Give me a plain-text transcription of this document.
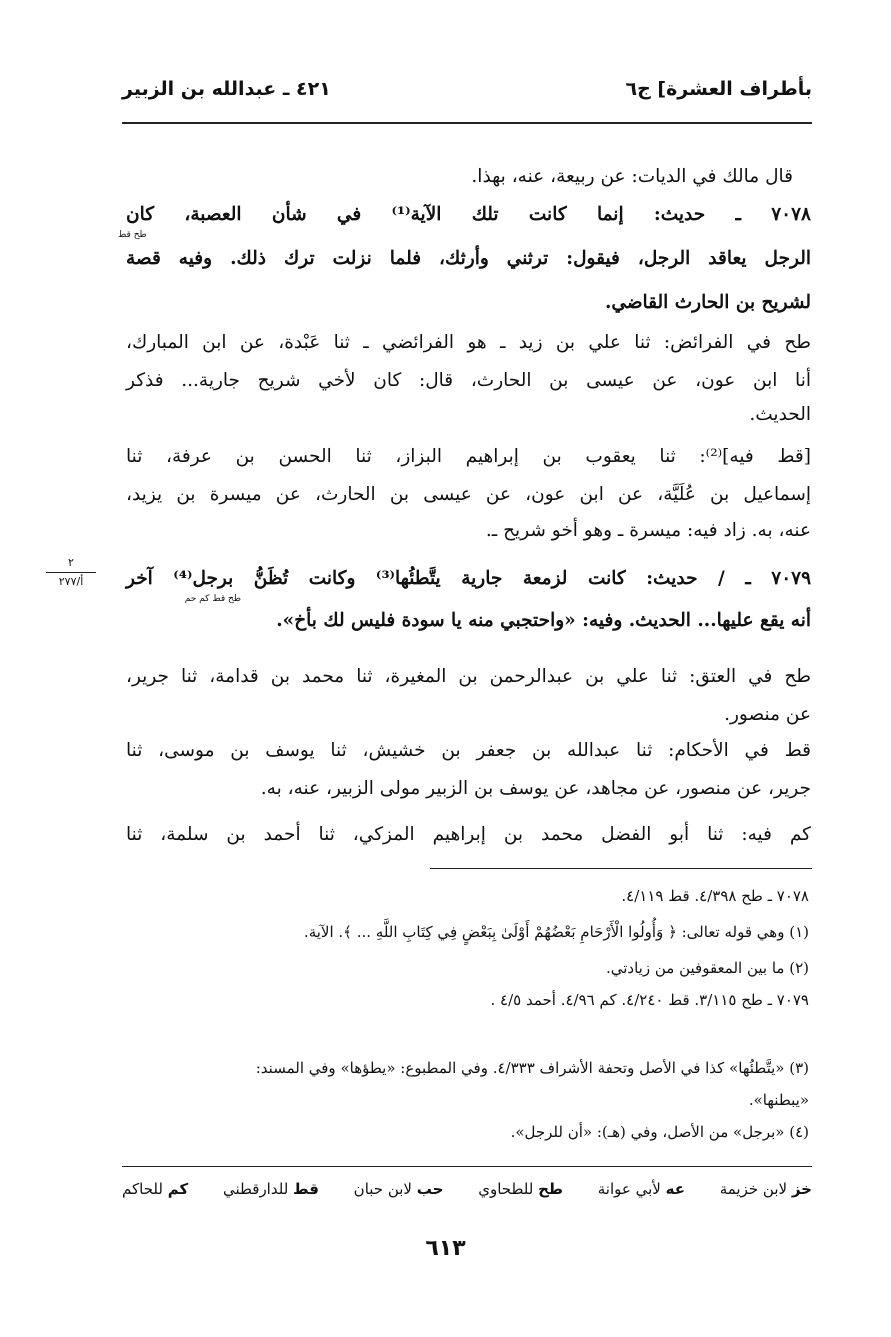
بأطراف العشرة] ج٦
٤٢١ ـ عبدالله بن الزبير
قال مالك في الديات: عن ربيعة، عنه، بهذا.
٧٠٧٨ ـ حديث: إنما كانت تلك الآية⁽¹⁾ في شأن العصبة، كان
طح قط
الرجل يعاقد الرجل، فيقول: ترثني وأرثك، فلما نزلت ترك ذلك. وفيه قصة
لشريح بن الحارث القاضي.
طح في الفرائض: ثنا علي بن زيد ـ هو الفرائضي ـ ثنا عَبْدة، عن ابن المبارك،
أنا ابن عون، عن عيسى بن الحارث، قال: كان لأخي شريح جارية... فذكر
الحديث.
[قط فيه]⁽²⁾: ثنا يعقوب بن إبراهيم البزاز، ثنا الحسن بن عرفة، ثنا
إسماعيل بن عُلَيَّة، عن ابن عون، عن عيسى بن الحارث، عن ميسرة بن يزيد،
عنه، به. زاد فيه: ميسرة ـ وهو أخو شريح ـ.
٢
أ/٢٧٧	٧٠٧٩ ـ / حديث: كانت لزمعة جارية يتَّطئُها⁽³⁾ وكانت تُظَنُّ برجل⁽⁴⁾ آخر
طح قط كم حم
أنه يقع عليها... الحديث. وفيه: «واحتجبي منه يا سودة فليس لك بأخ».
طح في العتق: ثنا علي بن عبدالرحمن بن المغيرة، ثنا محمد بن قدامة، ثنا جرير،
عن منصور.
قط في الأحكام: ثنا عبدالله بن جعفر بن خشيش، ثنا يوسف بن موسى، ثنا
جرير، عن منصور، عن مجاهد، عن يوسف بن الزبير مولى الزبير، عنه، به.
كم فيه: ثنا أبو الفضل محمد بن إبراهيم المزكي، ثنا أحمد بن سلمة، ثنا
٧٠٧٨ ـ طح ٤/٣٩٨. قط ٤/١١٩.
(١) وهي قوله تعالى: ﴿ وَأُولُوا الْأَرْحَامِ بَعْضُهُمْ أَوْلَىٰ بِبَعْضٍ فِي كِتَابِ اللَّهِ ... ﴾. الآية.
(٢) ما بين المعقوفين من زيادتي.
٧٠٧٩ ـ طح ٣/١١٥. قط ٤/٢٤٠. كم ٤/٩٦. أحمد ٤/٥ .
(٣) «يتَّطئُها» كذا في الأصل وتحفة الأشراف ٤/٣٣٣. وفي المطبوع: «يطؤها» وفي المسند:
«يبطنها».
(٤) «برجل» من الأصل، وفي (هـ): «أن للرجل».
خز لابن خزيمة
عه لأبي عوانة
طح للطحاوي
حب لابن حبان
قط للدارقطني
كم للحاكم
٦١٣
